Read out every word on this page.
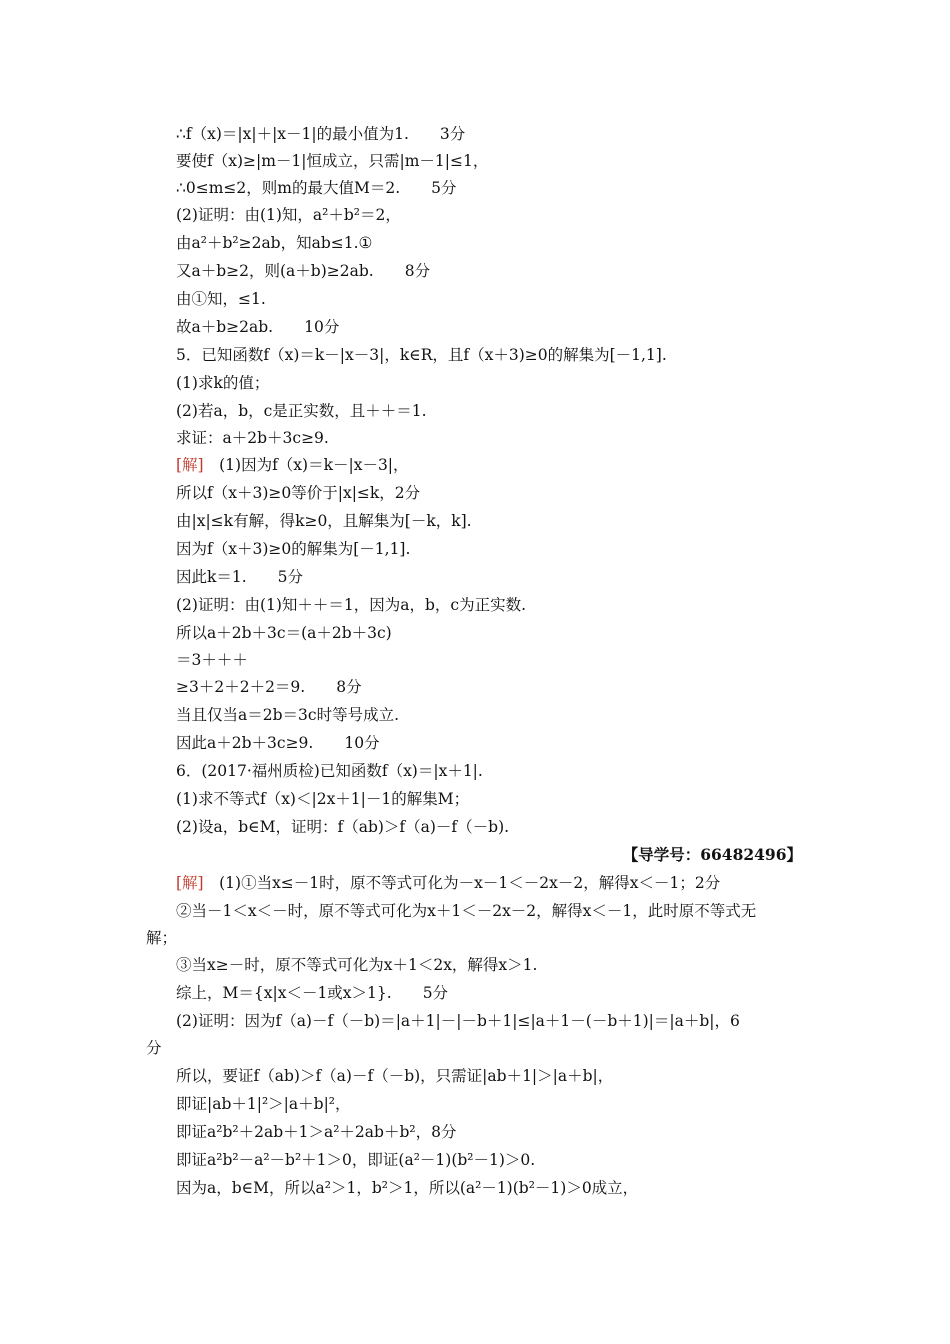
∴f（x)＝|x|＋|x－1|的最小值为1.　　3分
要使f（x)≥|m－1|恒成立，只需|m－1|≤1，
∴0≤m≤2，则m的最大值M＝2.　　5分
(2)证明：由(1)知，a²＋b²＝2，
由a²＋b²≥2ab，知ab≤1.①
又a＋b≥2，则(a＋b)≥2ab.　　8分
由①知，≤1.
故a＋b≥2ab.　　10分
5．已知函数f（x)＝k－|x－3|，k∈R，且f（x＋3)≥0的解集为[－1,1].
(1)求k的值；
(2)若a，b，c是正实数，且＋＋＝1.
求证：a＋2b＋3c≥9.
[解]　(1)因为f（x)＝k－|x－3|，
所以f（x＋3)≥0等价于|x|≤k，2分
由|x|≤k有解，得k≥0，且解集为[－k，k].
因为f（x＋3)≥0的解集为[－1,1].
因此k＝1.　　5分
(2)证明：由(1)知＋＋＝1，因为a，b，c为正实数.
所以a＋2b＋3c＝(a＋2b＋3c)
＝3＋＋＋
≥3＋2＋2＋2＝9.　　8分
当且仅当a＝2b＝3c时等号成立.
因此a＋2b＋3c≥9.　　10分
6．(2017·福州质检)已知函数f（x)＝|x＋1|.
(1)求不等式f（x)＜|2x＋1|－1的解集M；
(2)设a，b∈M，证明：f（ab)＞f（a)－f（－b).
【导学号：66482496】
[解]　(1)①当x≤－1时，原不等式可化为－x－1＜－2x－2，解得x＜－1；2分
②当－1＜x＜－时，原不等式可化为x＋1＜－2x－2，解得x＜－1，此时原不等式无
解；
③当x≥－时，原不等式可化为x＋1＜2x，解得x＞1.
综上，M＝{x|x＜－1或x＞1}.　　5分
(2)证明：因为f（a)－f（－b)＝|a＋1|－|－b＋1|≤|a＋1－(－b＋1)|＝|a＋b|，6
分
所以，要证f（ab)＞f（a)－f（－b)，只需证|ab＋1|＞|a＋b|，
即证|ab＋1|²＞|a＋b|²，
即证a²b²＋2ab＋1＞a²＋2ab＋b²，8分
即证a²b²－a²－b²＋1＞0，即证(a²－1)(b²－1)＞0.
因为a，b∈M，所以a²＞1，b²＞1，所以(a²－1)(b²－1)＞0成立，
